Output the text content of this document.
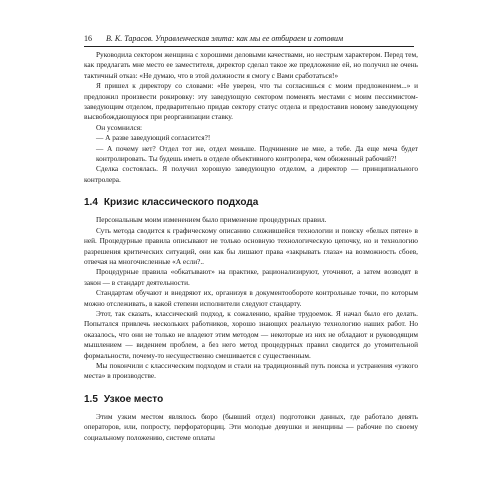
16 В. К. Тарасов. Управленческая элита: как мы ее отбираем и готовим

Руководила сектором женщина с хорошими деловыми качествами, но нестрым характером. Перед тем, как предлагать мне место ее заместителя, директор сделал такое же предложение ей, но получил не очень тактичный отказ: «Не думаю, что в этой должности я смогу с Вами сработаться!»

Я пришел к директору со словами: «Не уверен, что ты согласишься с моим предложением...» и предложил произвести рокировку: эту заведующую сектором поменять местами с моим пессимистом-заведующим отделом, предварительно придав сектору статус отдела и предоставив новому заведующему высвобождающуюся при реорганизации ставку.

Он усомнился:

— А разве заведующий согласится?!

— А почему нет? Отдел тот же, отдел меньше. Подчинение не мне, а тебе. Да еще меча будет контролировать. Ты будешь иметь в отделе объективного контролера, чем обиженный рабочий?!

Сделка состоялась. Я получил хорошую заведующую отделом, а директор — принципиального контролера.

1.4 Кризис классического подхода

Персональным моим изменением было применение процедурных правил.

Суть метода сводится к графическому описанию сложившейся технологии и поиску «белых пятен» в ней. Процедурные правила описывают не только основную технологическую цепочку, но и технологию разрешения критических ситуаций, они как бы лишают права «закрывать глаза» на возможность сбоев, отвечая на многочисленные «А если?..

Процедурные правила «обкатывают» на практике, рационализируют, уточняют, а затем возводят в закон — в стандарт деятельности.

Стандартам обучают и внедряют их, организуя в документообороте контрольные точки, по которым можно отслеживать, в какой степени исполнители следуют стандарту.

Этот, так сказать, классический подход, к сожалению, крайне трудоемок. Я начал было его делать. Попытался привлечь нескольких работников, хорошо знающих реальную технологию наших работ. Но оказалось, что они не только не владеют этим методом — некоторые из них не обладают и руководящим мышлением — видением проблем, а без него метод процедурных правил сводится до утомительной формальности, почему-то несущественно смешивается с существенным.

Мы покончили с классическим подходом и стали на традиционный путь поиска и устранения «узкого места» в производстве.

1.5 Узкое место

Этим узким местом являлось бюро (бывший отдел) подготовки данных, где работало девять операторов, или, попросту, перфораторщиц. Эти молодые девушки и женщины — рабочие по своему социальному положению, системе оплаты
